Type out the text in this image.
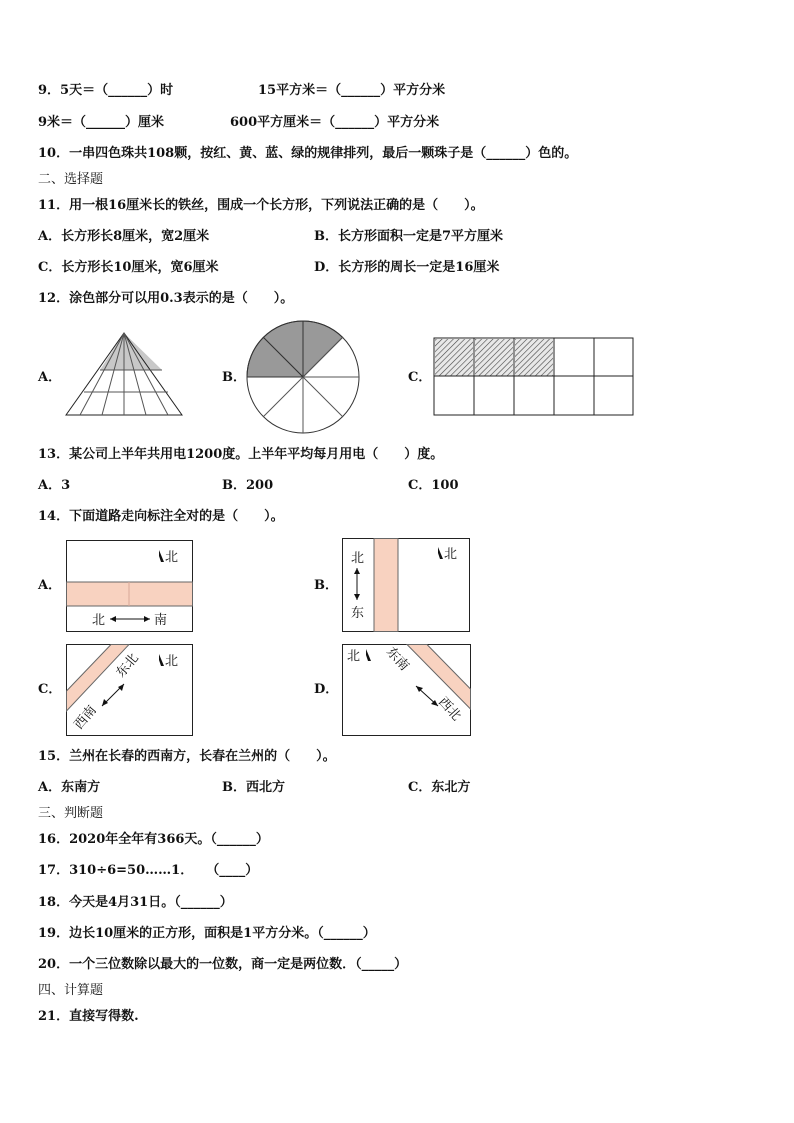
9．5天＝（______）时	15平方米＝（______）平方分米
9米＝（______）厘米	600平方厘米＝（______）平方分米
10．一串四色珠共108颗，按红、黄、蓝、绿的规律排列，最后一颗珠子是（______）色的。
二、选择题
11．用一根16厘米长的铁丝，围成一个长方形，下列说法正确的是（　　）。
A．长方形长8厘米，宽2厘米	B．长方形面积一定是7平方厘米
C．长方形长10厘米，宽6厘米	D．长方形的周长一定是16厘米
12．涂色部分可以用0.3表示的是（　　）。
A．	B．	C．
13．某公司上半年共用电1200度。上半年平均每月用电（　　）度。
A．3	B．200	C．100
14．下面道路走向标注全对的是（　　）。
A．	B．
C．	D．
北
北	南
北
北
东
北
东北
西南
北 东南
西北
15．兰州在长春的西南方，长春在兰州的（　　）。
A．东南方	B．西北方	C．东北方
三、判断题
16．2020年全年有366天。（______）
17．310÷6=50……1．　　（____）
18．今天是4月31日。（______）
19．边长10厘米的正方形，面积是1平方分米。（______）
20．一个三位数除以最大的一位数，商一定是两位数．（_____）
四、计算题
21．直接写得数.
